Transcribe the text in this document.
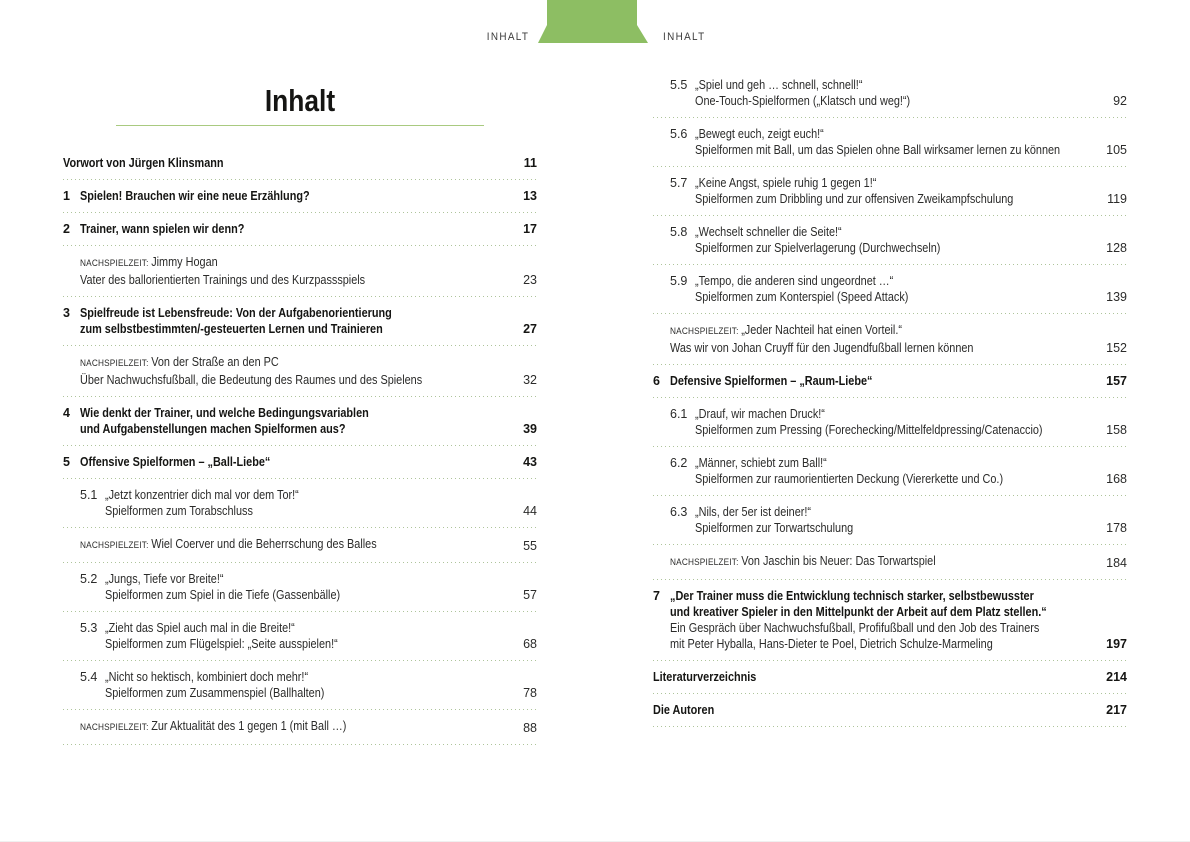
INHALT	INHALT
Inhalt
Vorwort von Jürgen Klinsmann	11
1 Spielen! Brauchen wir eine neue Erzählung?	13
2 Trainer, wann spielen wir denn?	17
NACHSPIELZEIT: Jimmy Hogan
Vater des ballorientierten Trainings und des Kurzpassspiels	23
3 Spielfreude ist Lebensfreude: Von der Aufgabenorientierung
zum selbstbestimmten/-gesteuerten Lernen und Trainieren	27
NACHSPIELZEIT: Von der Straße an den PC
Über Nachwuchsfußball, die Bedeutung des Raumes und des Spielens	32
4 Wie denkt der Trainer, und welche Bedingungsvariablen
und Aufgabenstellungen machen Spielformen aus?	39
5 Offensive Spielformen – „Ball-Liebe“	43
5.1 „Jetzt konzentrier dich mal vor dem Tor!“
Spielformen zum Torabschluss	44
NACHSPIELZEIT: Wiel Coerver und die Beherrschung des Balles	55
5.2 „Jungs, Tiefe vor Breite!“
Spielformen zum Spiel in die Tiefe (Gassenbälle)	57
5.3 „Zieht das Spiel auch mal in die Breite!“
Spielformen zum Flügelspiel: „Seite ausspielen!“	68
5.4 „Nicht so hektisch, kombiniert doch mehr!“
Spielformen zum Zusammenspiel (Ballhalten)	78
NACHSPIELZEIT: Zur Aktualität des 1 gegen 1 (mit Ball …)	88
5.5 „Spiel und geh … schnell, schnell!“
One-Touch-Spielformen („Klatsch und weg!“)	92
5.6 „Bewegt euch, zeigt euch!“
Spielformen mit Ball, um das Spielen ohne Ball wirksamer lernen zu können	105
5.7 „Keine Angst, spiele ruhig 1 gegen 1!“
Spielformen zum Dribbling und zur offensiven Zweikampfschulung	119
5.8 „Wechselt schneller die Seite!“
Spielformen zur Spielverlagerung (Durchwechseln)	128
5.9 „Tempo, die anderen sind ungeordnet …“
Spielformen zum Konterspiel (Speed Attack)	139
NACHSPIELZEIT: „Jeder Nachteil hat einen Vorteil.“
Was wir von Johan Cruyff für den Jugendfußball lernen können	152
6 Defensive Spielformen – „Raum-Liebe“	157
6.1 „Drauf, wir machen Druck!“
Spielformen zum Pressing (Forechecking/Mittelfeldpressing/Catenaccio)	158
6.2 „Männer, schiebt zum Ball!“
Spielformen zur raumorientierten Deckung (Viererkette und Co.)	168
6.3 „Nils, der 5er ist deiner!“
Spielformen zur Torwartschulung	178
NACHSPIELZEIT: Von Jaschin bis Neuer: Das Torwartspiel	184
7 „Der Trainer muss die Entwicklung technisch starker, selbstbewusster
und kreativer Spieler in den Mittelpunkt der Arbeit auf dem Platz stellen.“
Ein Gespräch über Nachwuchsfußball, Profifußball und den Job des Trainers
mit Peter Hyballa, Hans-Dieter te Poel, Dietrich Schulze-Marmeling	197
Literaturverzeichnis	214
Die Autoren	217
